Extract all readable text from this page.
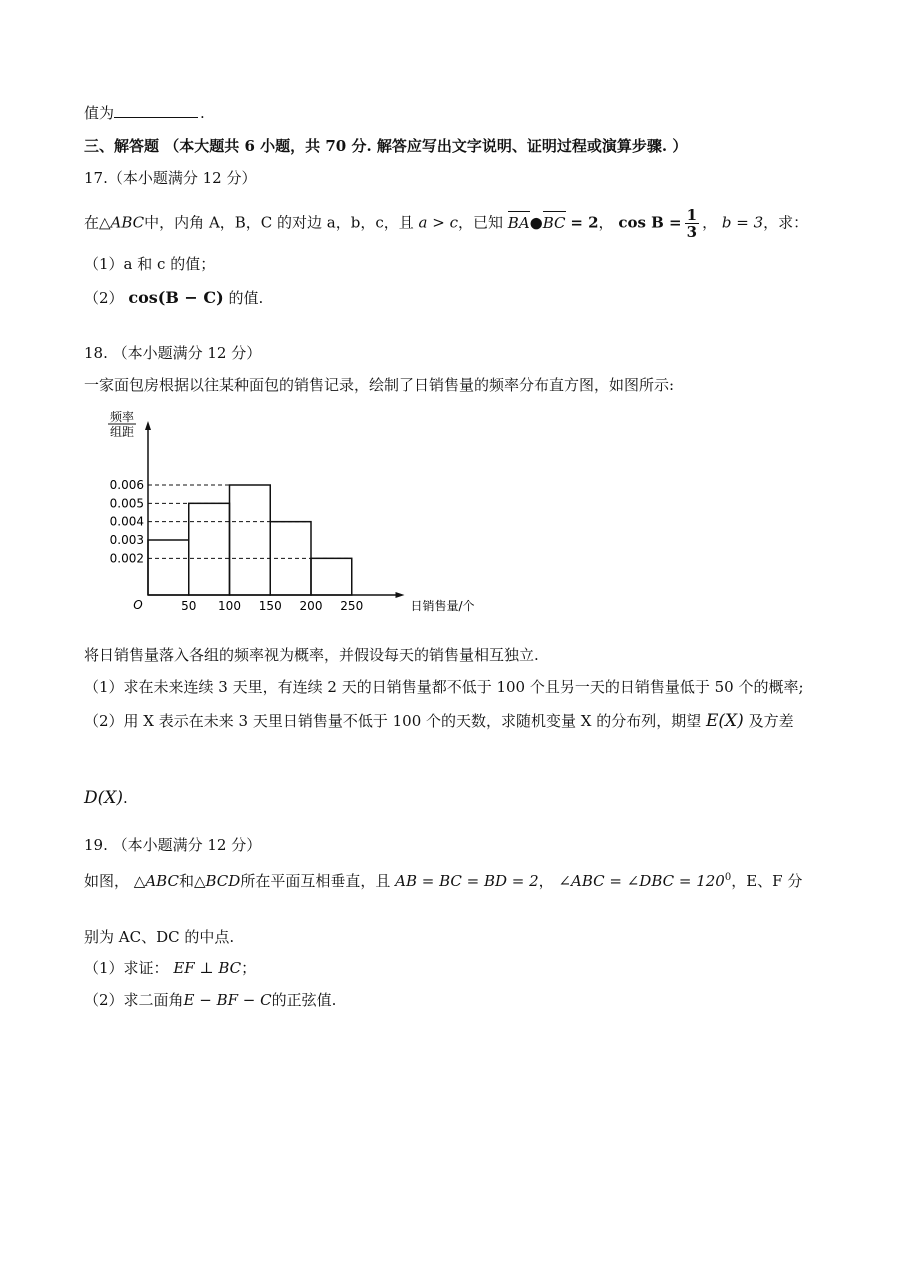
值为	.
三、解答题 （本大题共 6 小题，共 70 分. 解答应写出文字说明、证明过程或演算步骤. ）
17.（本小题满分 12 分）
在△ABC中，内角 A，B，C 的对边 a，b，c，且 a > c，已知 BA●BC = 2， $\cos B = \frac{1}{3}$ ， b = 3，求：
（1）a 和 c 的值；
（2） cos(B − C) 的值.
18. （本小题满分 12 分）
一家面包房根据以往某种面包的销售记录，绘制了日销售量的频率分布直方图，如图所示:
频率
组距
0.006
0.005
0.004
0.003
0.002
50 100 150 200 250
O	日销售量/个
将日销售量落入各组的频率视为概率，并假设每天的销售量相互独立.
（1）求在未来连续 3 天里，有连续 2 天的日销售量都不低于 100 个且另一天的日销售量低于 50 个的概率;
（2）用 X 表示在未来 3 天里日销售量不低于 100 个的天数，求随机变量 X 的分布列，期望 E(X) 及方差
D(X).
19. （本小题满分 12 分）
如图， △ABC和△BCD所在平面互相垂直，且 AB = BC = BD = 2， ∠ABC = ∠DBC = $120^0$，E、F 分
别为 AC、DC 的中点.
（1）求证： EF ⊥ BC；
（2）求二面角E − BF − C的正弦值.
